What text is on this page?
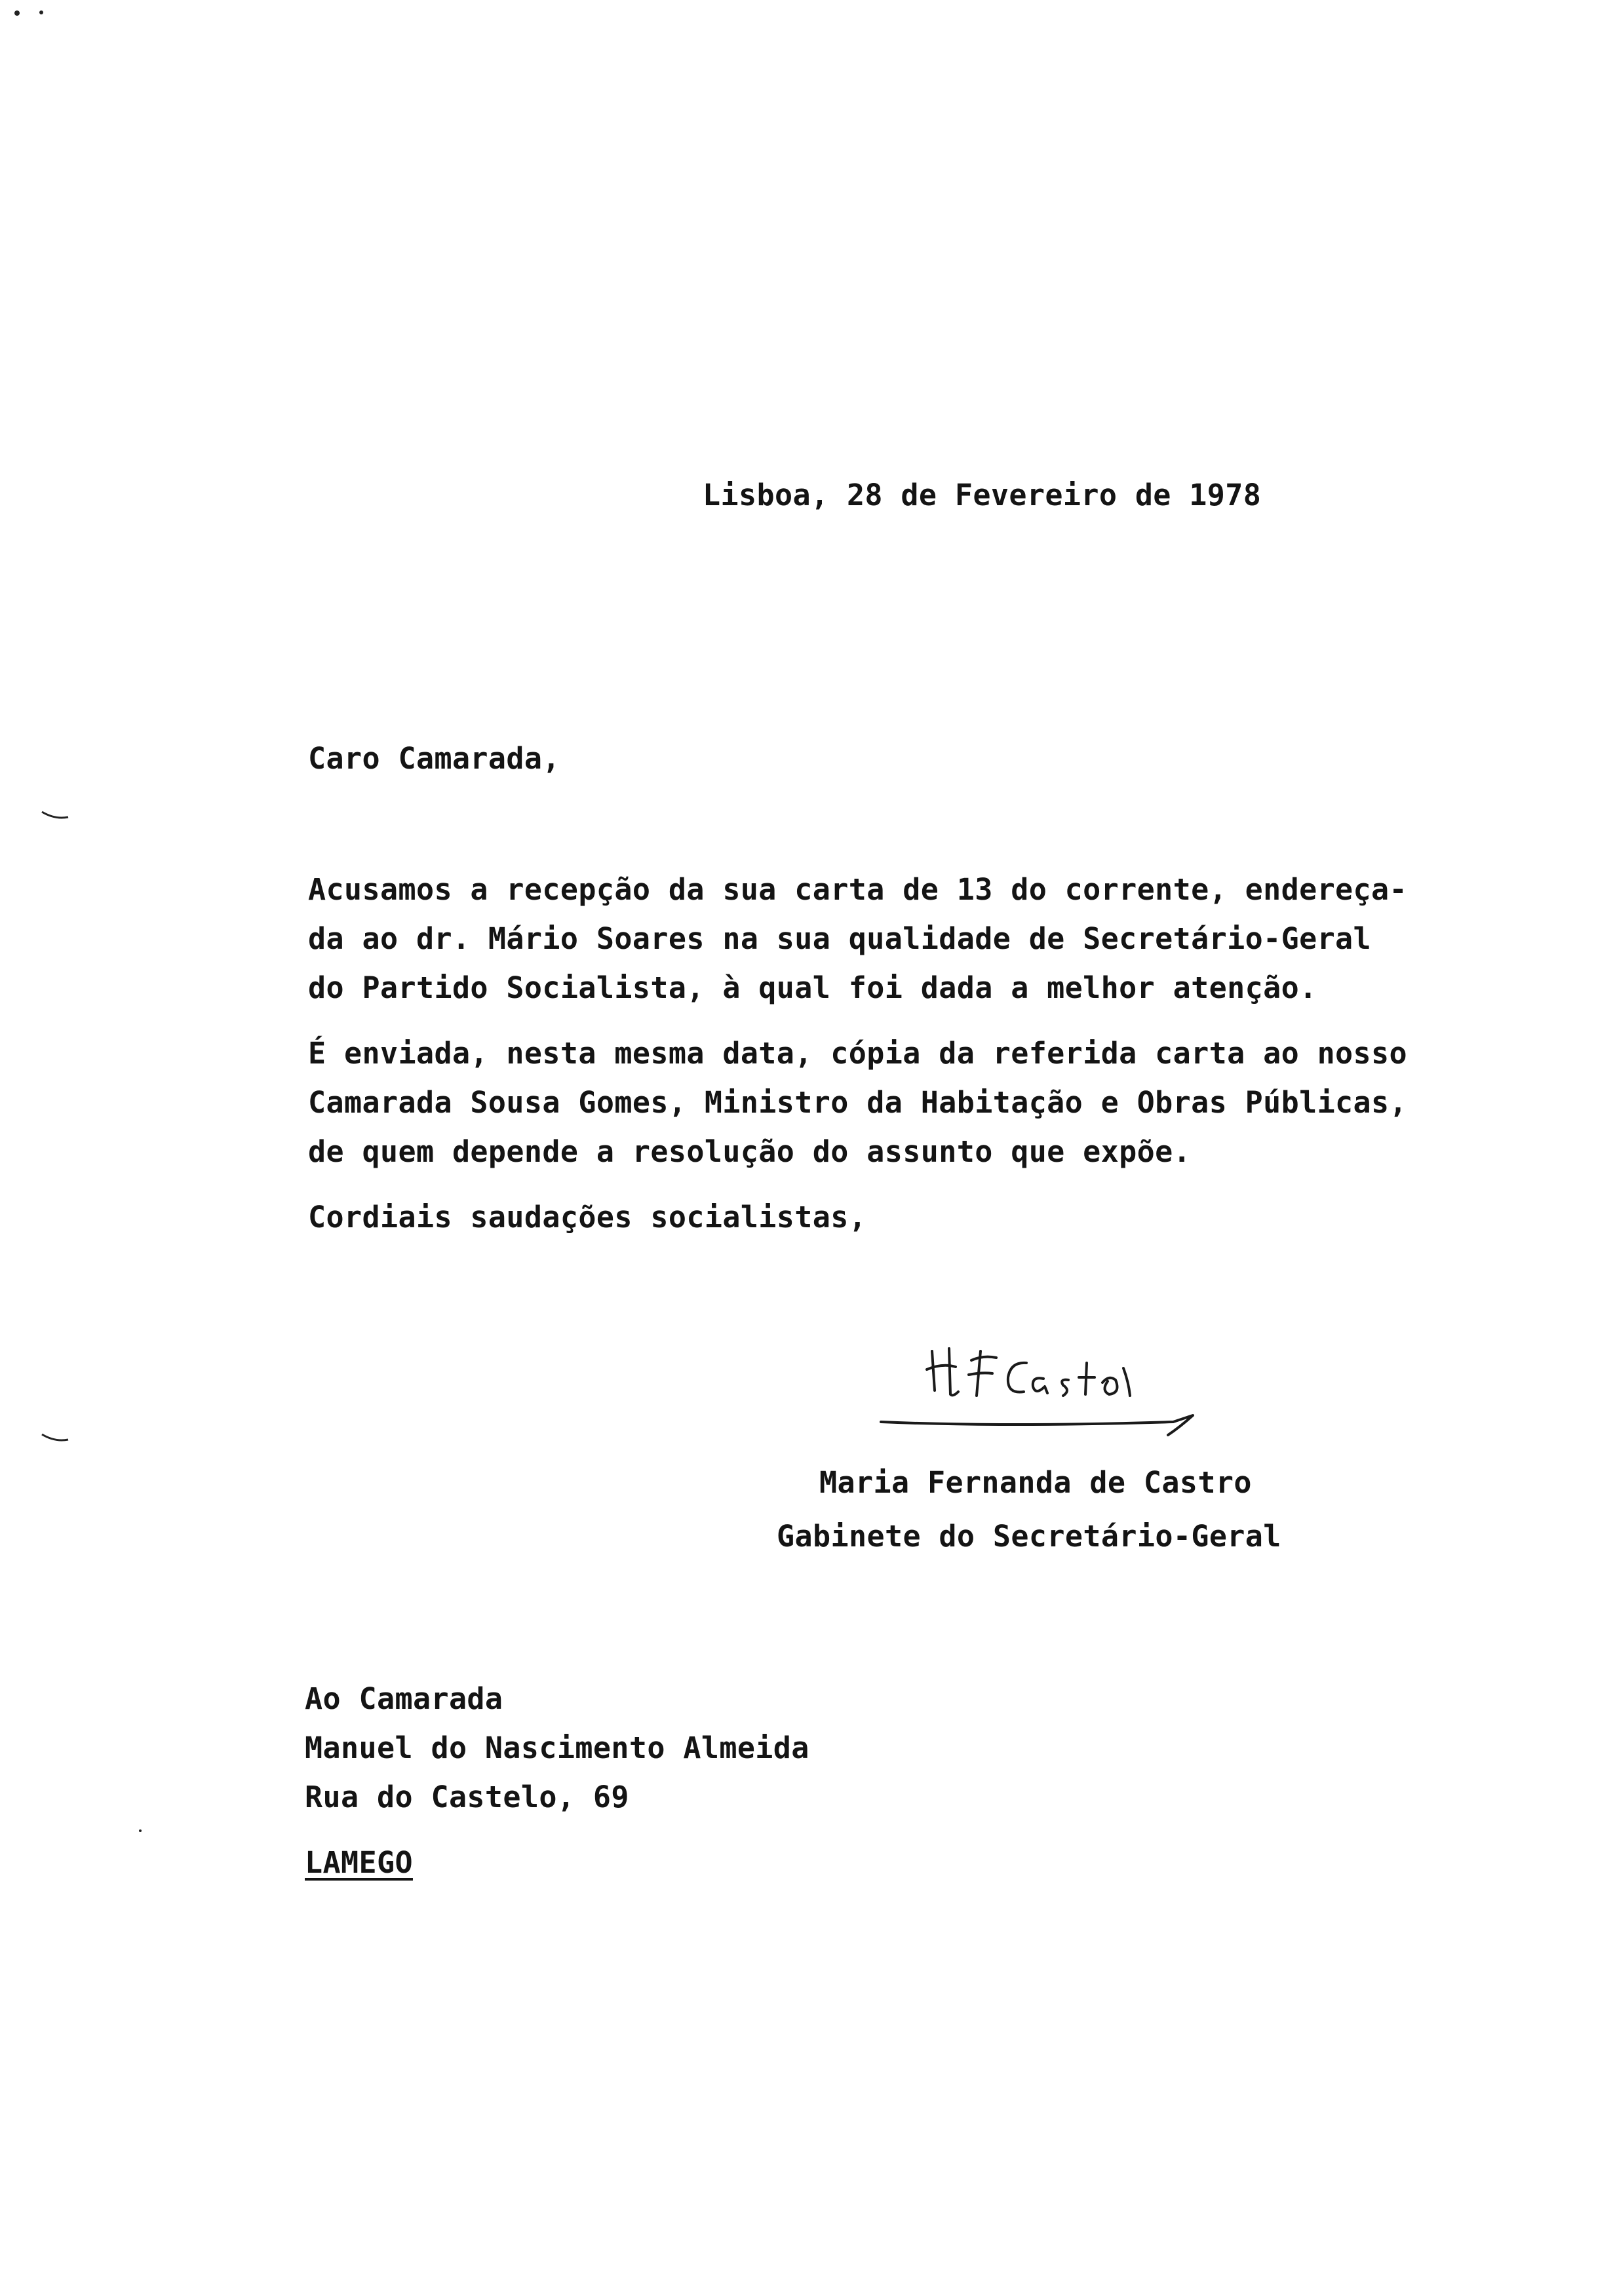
Lisboa, 28 de Fevereiro de 1978
Caro Camarada,
Acusamos a recepção da sua carta de 13 do corrente, endereça-
da ao dr. Mário Soares na sua qualidade de Secretário-Geral
do Partido Socialista, à qual foi dada a melhor atenção.
É enviada, nesta mesma data, cópia da referida carta ao nosso
Camarada Sousa Gomes, Ministro da Habitação e Obras Públicas,
de quem depende a resolução do assunto que expõe.
Cordiais saudações socialistas,
Maria Fernanda de Castro
Gabinete do Secretário-Geral
Ao Camarada
Manuel do Nascimento Almeida
Rua do Castelo, 69
LAMEGO
